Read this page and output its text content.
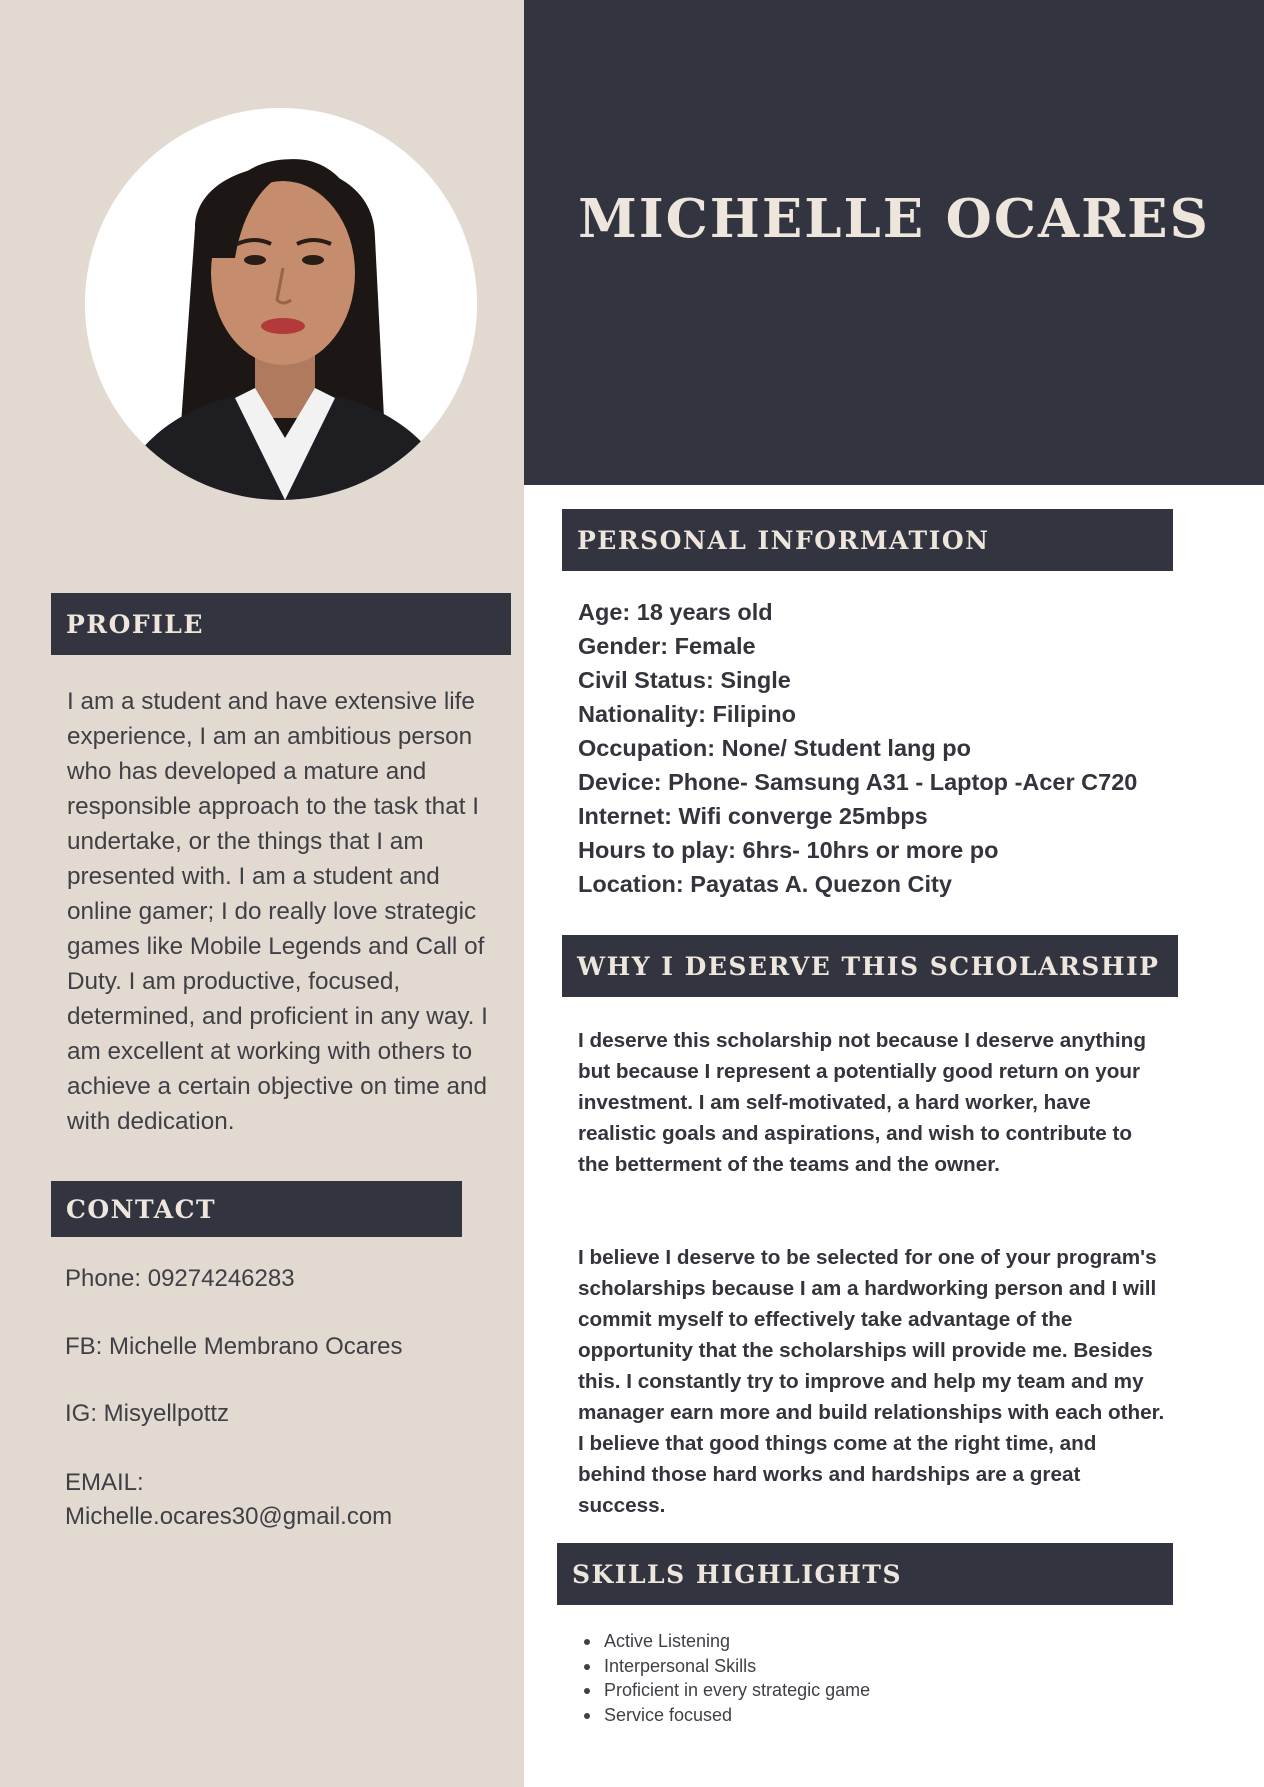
MICHELLE OCARES
PROFILE

I am a student and have extensive life experience, I am an ambitious person who has developed a mature and responsible approach to the task that I undertake, or the things that I am presented with. I am a student and online gamer; I do really love strategic games like Mobile Legends and Call of Duty. I am productive, focused, determined, and proficient in any way. I am excellent at working with others to achieve a certain objective on time and with dedication.

CONTACT
Phone: 09274246283
FB: Michelle Membrano Ocares
IG: Misyellpottz
EMAIL:
Michelle.ocares30@gmail.com
PERSONAL INFORMATION
Age: 18 years old
Gender: Female
Civil Status: Single
Nationality: Filipino
Occupation: None/ Student lang po
Device: Phone- Samsung A31 - Laptop -Acer C720
Internet: Wifi converge 25mbps
Hours to play: 6hrs- 10hrs or more po
Location: Payatas A. Quezon City
WHY I DESERVE THIS SCHOLARSHIP

I deserve this scholarship not because I deserve anything but because I represent a potentially good return on your investment. I am self-motivated, a hard worker, have realistic goals and aspirations, and wish to contribute to the betterment of the teams and the owner.

I believe I deserve to be selected for one of your program's scholarships because I am a hardworking person and I will commit myself to effectively take advantage of the opportunity that the scholarships will provide me. Besides this. I constantly try to improve and help my team and my manager earn more and build relationships with each other. I believe that good things come at the right time, and behind those hard works and hardships are a great success.

SKILLS HIGHLIGHTS
Active Listening
Interpersonal Skills
Proficient in every strategic game
Service focused
